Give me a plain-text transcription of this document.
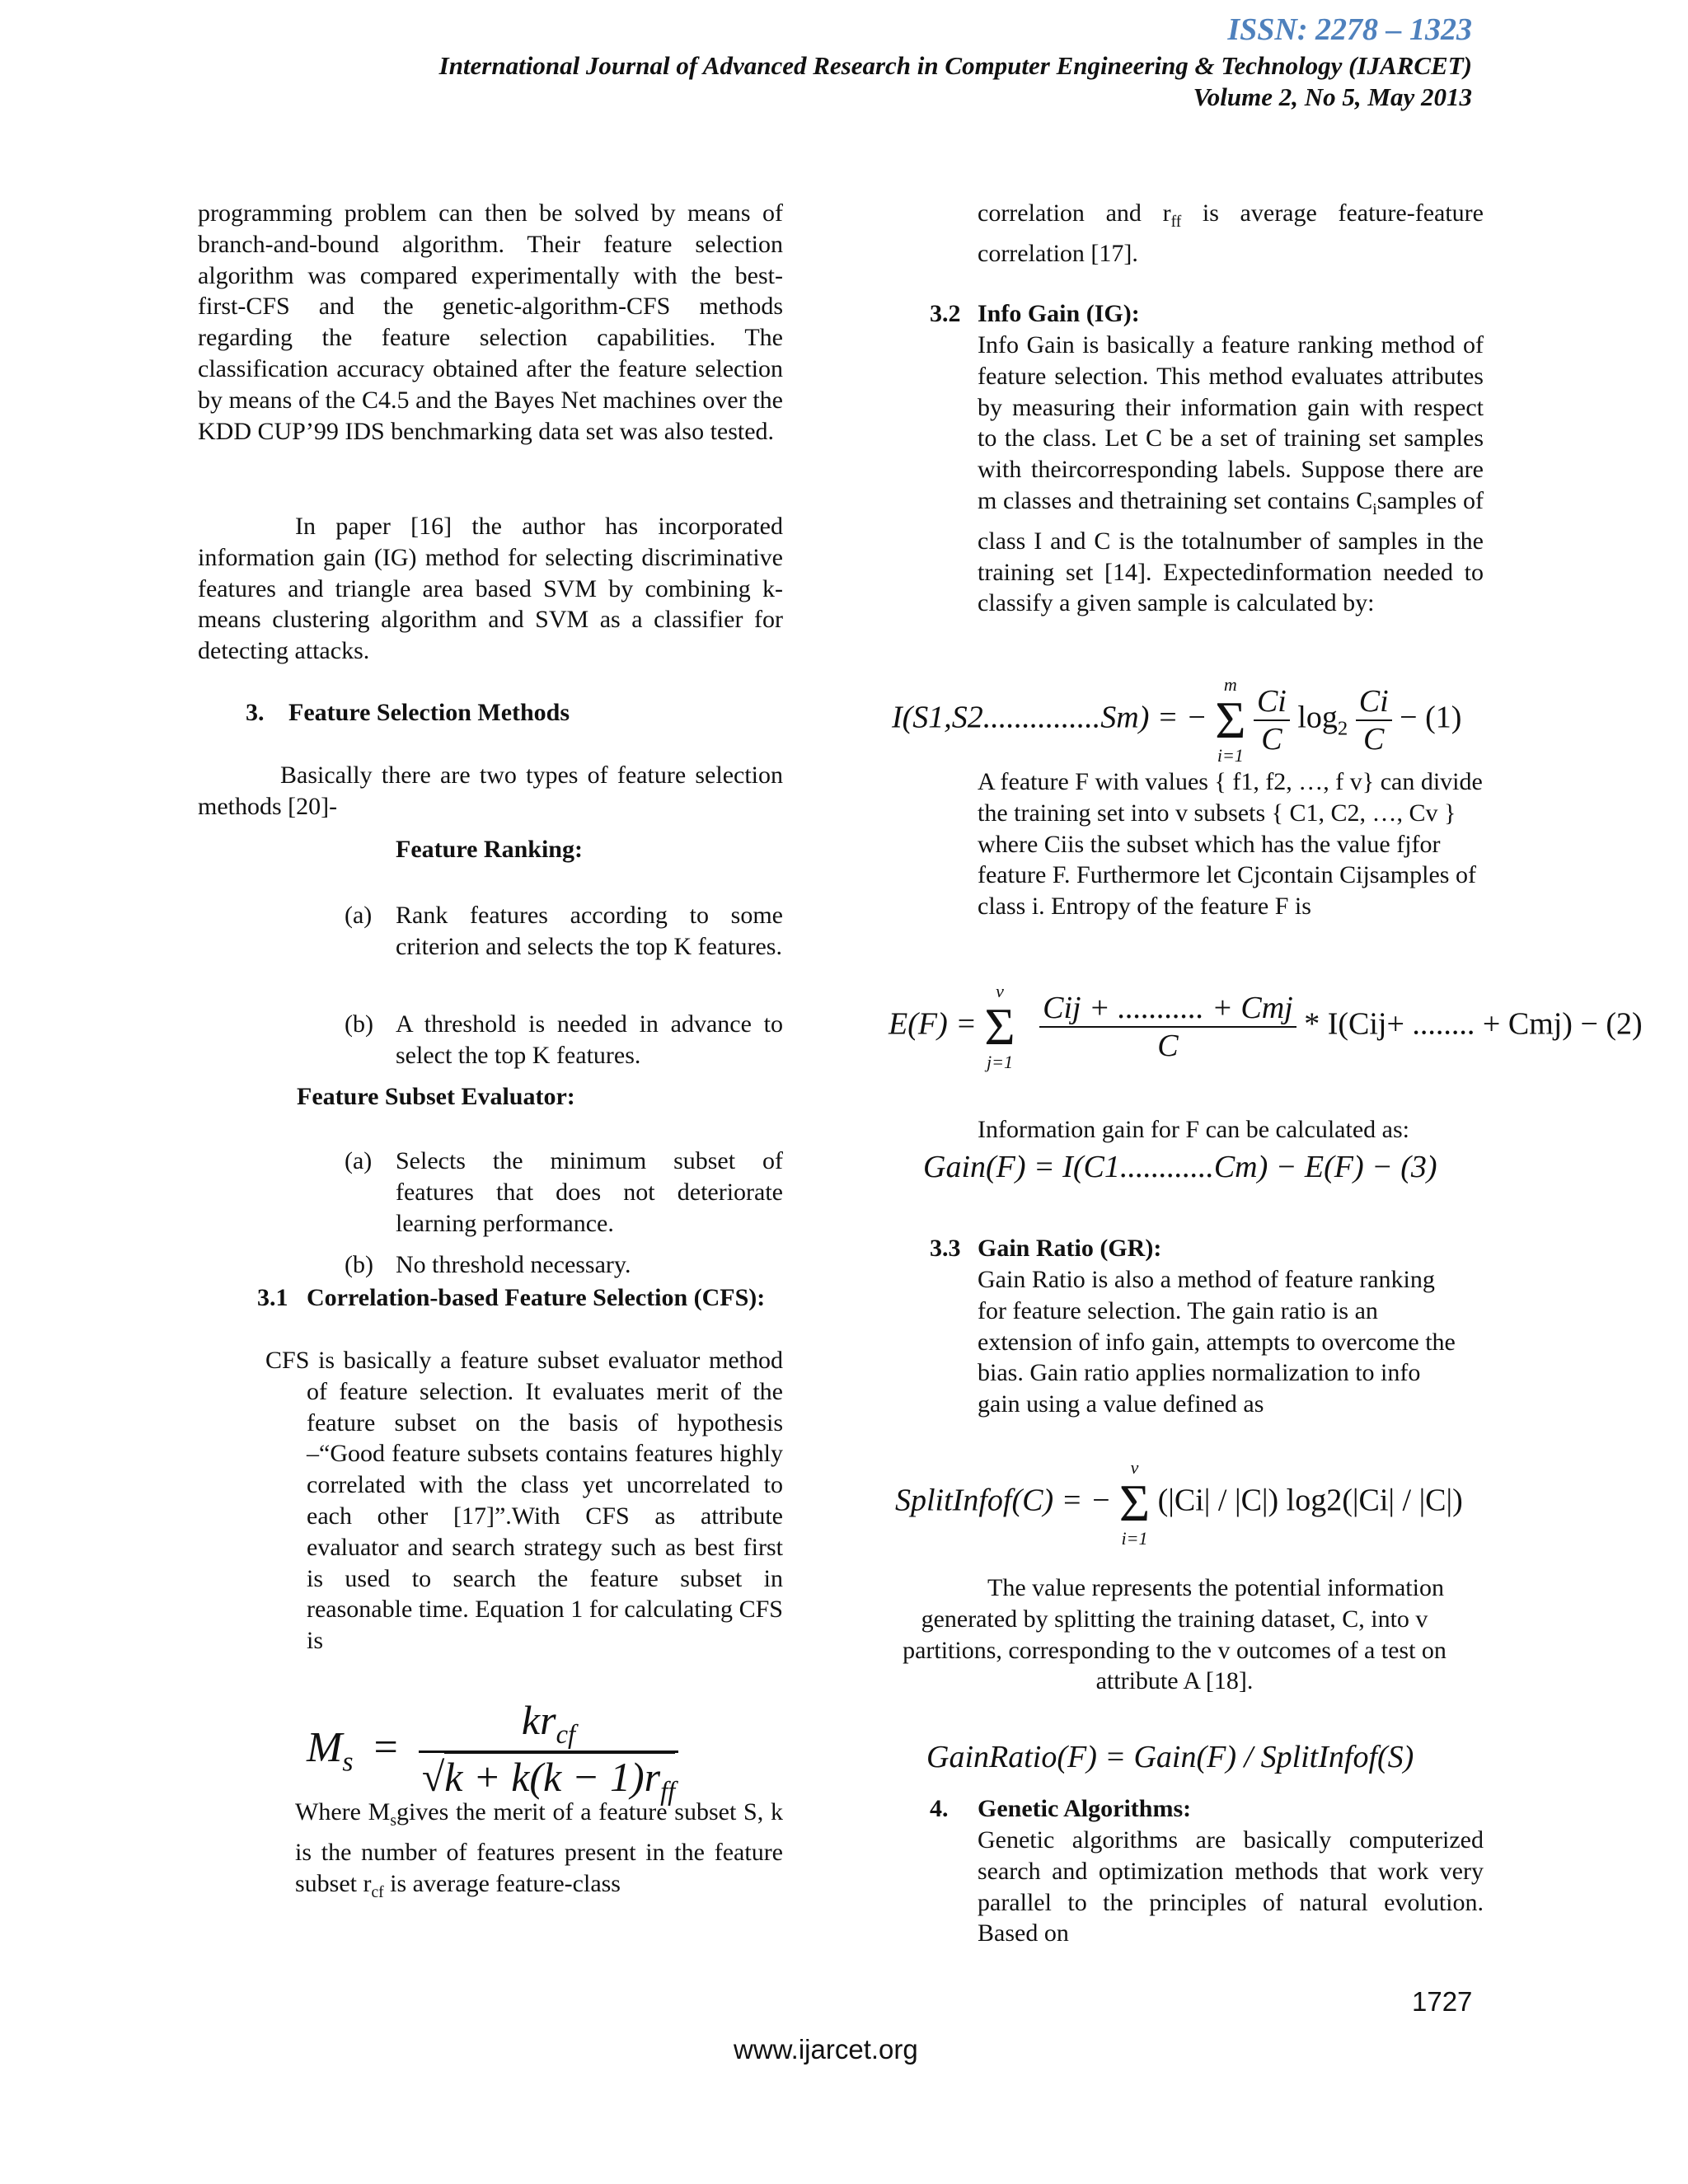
ISSN: 2278 – 1323
International Journal of Advanced Research in Computer Engineering & Technology (IJARCET)
Volume 2, No 5, May 2013

programming problem can then be solved by means of branch-and-bound algorithm. Their feature selection algorithm was compared experimentally with the best-first-CFS and the genetic-algorithm-CFS methods regarding the feature selection capabilities. The classification accuracy obtained after the feature selection by means of the C4.5 and the Bayes Net machines over the KDD CUP’99 IDS benchmarking data set was also tested.

In paper [16] the author has incorporated information gain (IG) method for selecting discriminative features and triangle area based SVM by combining k- means clustering algorithm and SVM as a classifier for detecting attacks.

3. Feature Selection Methods

Basically there are two types of feature selection methods [20]-

Feature Ranking:
(a) Rank features according to some criterion and selects the top K features.

(b) A threshold is needed in advance to select the top K features.

Feature Subset Evaluator:
(a) Selects the minimum subset of features that does not deteriorate learning performance.

(b) No threshold necessary.

3.1 Correlation-based Feature Selection (CFS):

CFS is basically a feature subset evaluator method of feature selection. It evaluates merit of the feature subset on the basis of hypothesis –“Good feature subsets contains features highly correlated with the class yet uncorrelated to each other [17]”.With CFS as attribute evaluator and search strategy such as best first is used to search the feature subset in reasonable time. Equation 1 for calculating CFS is

$M_s = \frac{kr_{cf}}{√k + k(k - 1)r_{ff}}$

Where $M_sgives$ the merit of a feature subset S, k is the number of features present in the feature subset $r_{cf}$ is average feature-class

correlation and $r_{ff}$ is average feature-feature correlation [17].

3.2 Info Gain (IG):

Info Gain is basically a feature ranking method of feature selection. This method evaluates attributes by measuring their information gain with respect to the class. Let C be a set of training set samples with theircorresponding labels. Suppose there are m classes and thetraining set contains $C_isamples$ of class I and C is the totalnumber of samples in the training set [14]. Expectedinformation needed to classify a given sample is calculated by:

I(S1,S2...............Sm) = −
m
Σ
i=1
$\frac{Ci}{C} \log_2 \frac{Ci}{C} - (1)$

A feature F with values { f1, f2, …, f v} can divide the training set into v subsets { C1, C2, …, Cv } where Ciis the subset which has the value fjfor feature F. Furthermore let Cjcontain Cijsamples of class i. Entropy of the feature F is

E(F) =
v
Σ
j=1
$\frac{\text{Cij + ........... + Cmj}}{C} * I(Cij+$ ........ + Cmj) − (2)

Information gain for F can be calculated as:

Gain(F) = I(C1............Cm) − E(F) − (3)
3.3 Gain Ratio (GR):

Gain Ratio is also a method of feature ranking for feature selection. The gain ratio is an extension of info gain, attempts to overcome the bias. Gain ratio applies normalization to info gain using a value defined as

SplitInfof(C) = −
v
Σ
i=1
(|Ci| / |C|) log2(|Ci| / |C|)

The value represents the potential information generated by splitting the training dataset, C, into v partitions, corresponding to the v outcomes of a test on attribute A [18].

GainRatio(F) = Gain(F) / SplitInfof(S)
4. Genetic Algorithms:

Genetic algorithms are basically computerized search and optimization methods that work very parallel to the principles of natural evolution. Based on

1727
www.ijarcet.org
